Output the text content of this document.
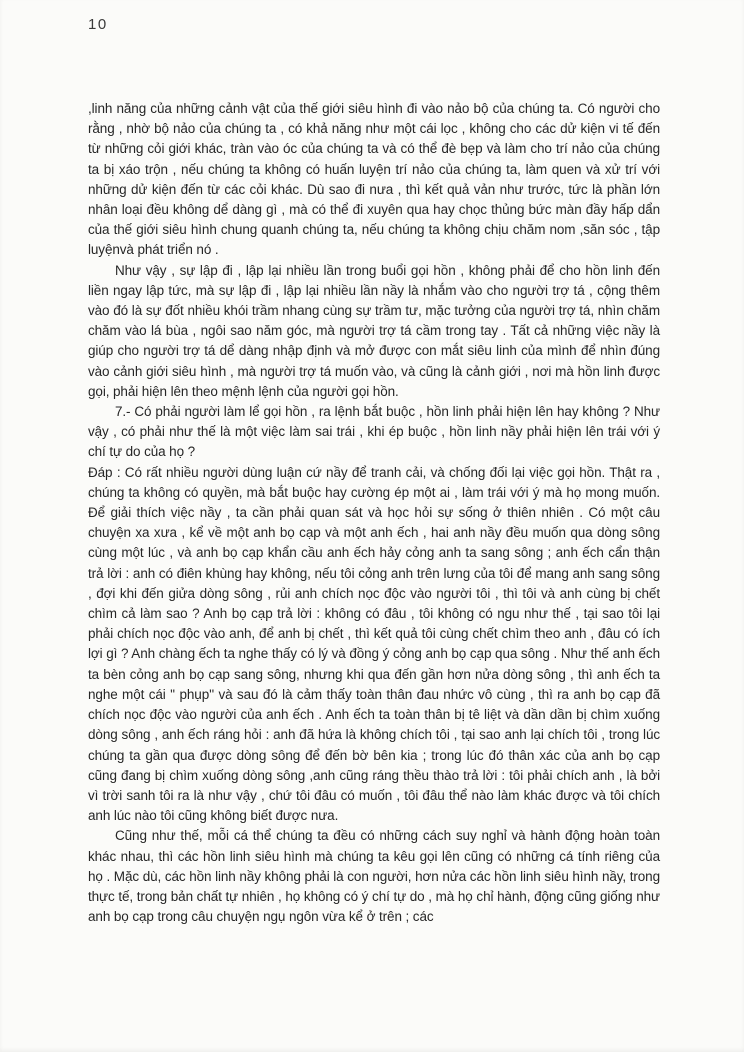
10

,linh năng của những cảnh vật của thế giới siêu hình đi vào nảo bộ của chúng ta. Có người cho rằng , nhờ bộ nảo của chúng ta , có khả năng như một cái lọc , không cho các dử kiện vi tế đến từ những cỏi giới khác, tràn vào óc của chúng ta và có thể đè bẹp và làm cho trí nảo của chúng ta bị xáo trộn , nếu chúng ta không có huấn luyện trí nảo của chúng ta, làm quen và xử trí với những dử kiện đến từ các cỏi khác. Dù sao đi nưa , thì kết quả vản như trước, tức là phần lớn nhân loại đều không dể dàng gì , mà có thể đi xuyên qua hay chọc thủng bức màn đầy hấp dẩn của thế giới siêu hình chung quanh chúng ta, nếu chúng ta không chịu chăm nom ,săn sóc , tập luyệnvà phát triển nó .

Như vậy , sự lập đi , lập lại nhiều lần trong buổi gọi hồn , không phải để cho hồn linh đến liền ngay lập tức, mà sự lập đi , lập lại nhiều lần nầy là nhắm vào cho người trợ tá , cộng thêm vào đó là sự đốt nhiều khói trầm nhang cùng sự trầm tư, mặc tưởng của người trợ tá, nhìn chăm chăm vào lá bùa , ngôi sao năm góc, mà người trợ tá cầm trong tay . Tất cả những việc nầy là giúp cho người trợ tá dể dàng nhập định và mở được con mắt siêu linh của mình để nhìn đúng vào cảnh giới siêu hình , mà người trợ tá muốn vào, và cũng là cảnh giới , nơi mà hồn linh được gọi, phải hiện lên theo mệnh lệnh của người gọi hồn.

7.- Có phải người làm lể gọi hồn , ra lệnh bắt buộc , hồn linh phải hiện lên hay không ? Như vậy , có phải như thế là một việc làm sai trái , khi ép buộc , hồn linh nầy phải hiện lên trái với ý chí tự do của họ ?

Đáp : Có rất nhiều người dùng luận cứ nầy để tranh cải, và chống đối lại việc gọi hồn. Thật ra , chúng ta không có quyền, mà bắt buộc hay cường ép một ai , làm trái với ý mà họ mong muốn. Để giải thích việc nầy , ta cần phải quan sát và học hỏi sự sống ở thiên nhiên . Có một câu chuyện xa xưa , kể về một anh bọ cạp và một anh ếch , hai anh nầy đều muốn qua dòng sông cùng một lúc , và anh bọ cạp khẩn cầu anh ếch hảy cỏng anh ta sang sông ; anh ếch cẩn thận trả lời : anh có điên khùng hay không, nếu tôi cỏng anh trên lưng của tôi để mang anh sang sông , đợi khi đến giửa dòng sông , rủi anh chích nọc độc vào người tôi , thì tôi và anh cùng bị chết chìm cả làm sao ? Anh bọ cạp trả lời : không có đâu , tôi không có ngu như thế , tại sao tôi lại phải chích nọc độc vào anh, để anh bị chết , thì kết quả tôi cùng chết chìm theo anh , đâu có ích lợi gì ? Anh chàng ếch ta nghe thấy có lý và đồng ý cỏng anh bọ cạp qua sông . Như thế anh ếch ta bèn cỏng anh bọ cạp sang sông, nhưng khi qua đến gần hơn nửa dòng sông , thì anh ếch ta nghe một cái '' phụp'' và sau đó là cảm thấy toàn thân đau nhức vô cùng , thì ra anh bọ cạp đã chích nọc độc vào người của anh ếch . Anh ếch ta toàn thân bị tê liệt và dần dần bị chìm xuống dòng sông , anh ếch ráng hỏi : anh đã hứa là không chích tôi , tại sao anh lại chích tôi , trong lúc chúng ta gần qua được dòng sông để đến bờ bên kia ; trong lúc đó thân xác của anh bọ cạp cũng đang bị chìm xuống dòng sông ,anh cũng ráng thều thào trả lời : tôi phải chích anh , là bởi vì trời sanh tôi ra là như vậy , chứ tôi đâu có muốn , tôi đâu thể nào làm khác được và tôi chích anh lúc nào tôi cũng không biết được nưa.

Cũng như thế, mỗi cá thể chúng ta đều có những cách suy nghỉ và hành động hoàn toàn khác nhau, thì các hồn linh siêu hình mà chúng ta kêu gọi lên cũng có những cá tính riêng của họ . Mặc dù, các hồn linh nầy không phải là con người, hơn nửa các hồn linh siêu hình nầy, trong thực tế, trong bản chất tự nhiên , họ không có ý chí tự do , mà họ chỉ hành, động cũng giống như anh bọ cạp trong câu chuyện ngụ ngôn vừa kể ở trên ; các
